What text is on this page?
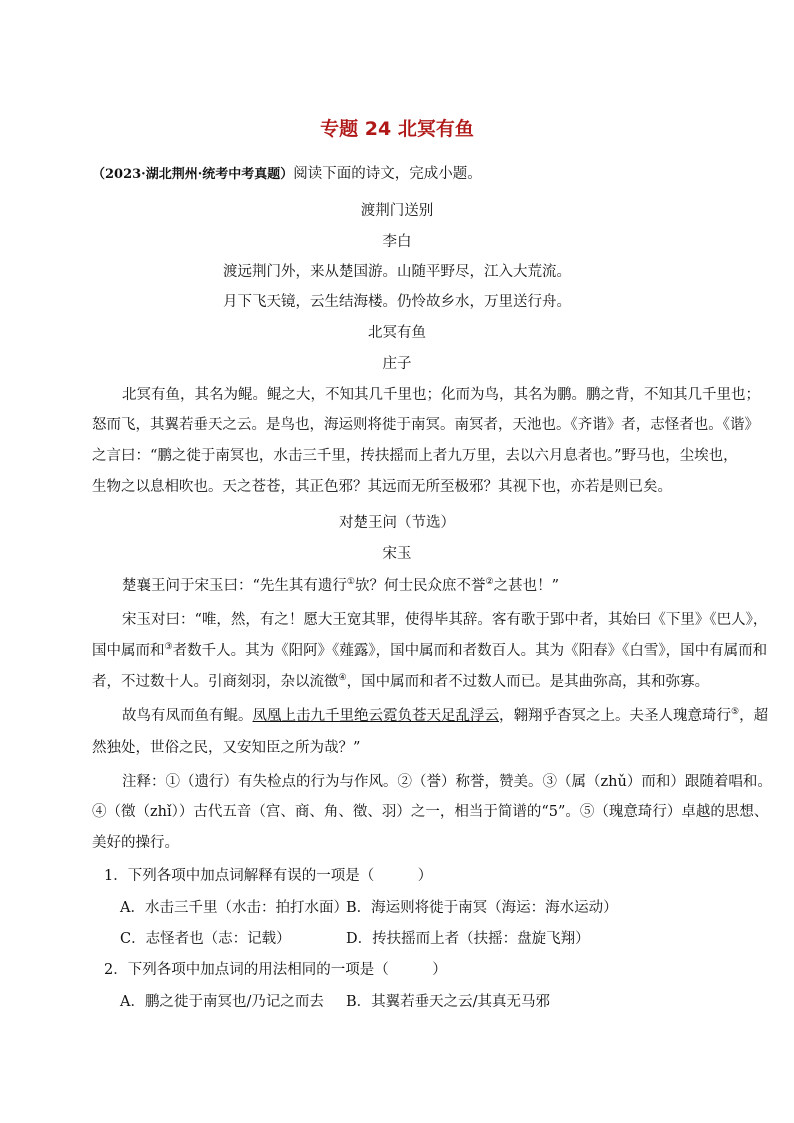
专题 24 北冥有鱼
（2023·湖北荆州·统考中考真题）阅读下面的诗文，完成小题。
渡荆门送别
李白
渡远荆门外，来从楚国游。山随平野尽，江入大荒流。
月下飞天镜，云生结海楼。仍怜故乡水，万里送行舟。
北冥有鱼
庄子
北冥有鱼，其名为鲲。鲲之大，不知其几千里也；化而为鸟，其名为鹏。鹏之背，不知其几千里也；
怒而飞，其翼若垂天之云。是鸟也，海运则将徙于南冥。南冥者，天池也。《齐谐》者，志怪者也。《谐》
之言曰：“鹏之徙于南冥也，水击三千里，抟扶摇而上者九万里，去以六月息者也。”野马也，尘埃也，
生物之以息相吹也。天之苍苍，其正色邪？其远而无所至极邪？其视下也，亦若是则已矣。
对楚王问（节选）
宋玉
楚襄王问于宋玉曰：“先生其有遗行①欤？何士民众庶不誉②之甚也！”
宋玉对曰：“唯，然，有之！愿大王宽其罪，使得毕其辞。客有歌于郢中者，其始曰《下里》《巴人》，
国中属而和③者数千人。其为《阳阿》《薤露》，国中属而和者数百人。其为《阳春》《白雪》，国中有属而和
者，不过数十人。引商刻羽，杂以流徵④，国中属而和者不过数人而已。是其曲弥高，其和弥寡。
故鸟有凤而鱼有鲲。凤凰上击九千里绝云霓负苍天足乱浮云，翱翔乎杳冥之上。夫圣人瑰意琦行⑤，超
然独处，世俗之民，又安知臣之所为哉？”
注释：①（遗行）有失检点的行为与作风。②（誉）称誉，赞美。③（属（zhǔ）而和）跟随着唱和。
④（徵（zhǐ））古代五音（宫、商、角、徵、羽）之一，相当于简谱的“5”。⑤（瑰意琦行）卓越的思想、
美好的操行。
1．下列各项中加点词解释有误的一项是（　　　）
A．水击三千里（水击：拍打水面）
B．海运则将徙于南冥（海运：海水运动）
C．志怪者也（志：记载）	D．抟扶摇而上者（扶摇：盘旋飞翔）
2．下列各项中加点词的用法相同的一项是（　　　）
A．鹏之徙于南冥也/乃记之而去 B．其翼若垂天之云/其真无马邪
